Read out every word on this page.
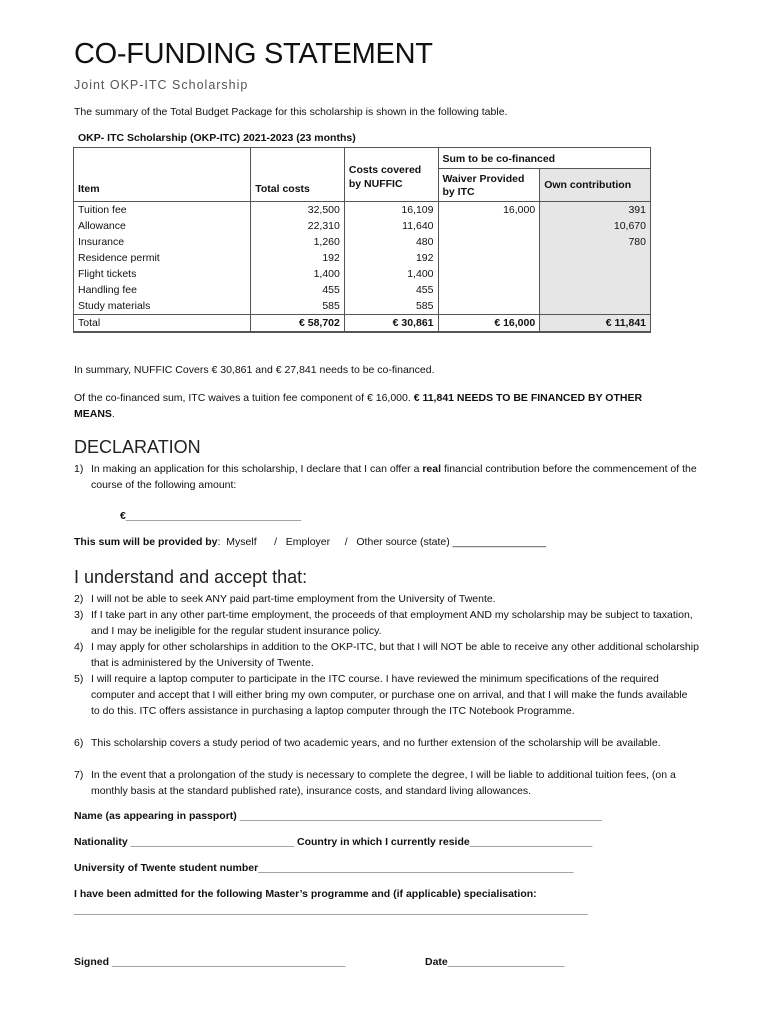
CO-FUNDING STATEMENT
Joint OKP-ITC Scholarship
The summary of the Total Budget Package for this scholarship is shown in the following table.
OKP- ITC Scholarship (OKP-ITC) 2021-2023 (23 months)
Item	Total costs	Costs covered by NUFFIC	Sum to be co-financed	
			Waiver Provided by ITC	Own contribution
Tuition fee	32,500	16,109	16,000	391
Allowance	22,310	11,640		10,670
Insurance	1,260	480		780
Residence permit	192	192		
Flight tickets	1,400	1,400		
Handling fee	455	455		
Study materials	585	585		
Total	€ 58,702	€ 30,861	€ 16,000	€ 11,841
In summary, NUFFIC Covers € 30,861 and € 27,841 needs to be co-financed.
Of the co-financed sum, ITC waives a tuition fee component of € 16,000. € 11,841 NEEDS TO BE FINANCED BY OTHER MEANS.
DECLARATION
1) In making an application for this scholarship, I declare that I can offer a real financial contribution before the commencement of the course of the following amount:
€______________________________
This sum will be provided by:  Myself      /   Employer     /   Other source (state) ________________
I understand and accept that:
2) I will not be able to seek ANY paid part-time employment from the University of Twente.
3) If I take part in any other part-time employment, the proceeds of that employment AND my scholarship may be subject to taxation, and I may be ineligible for the regular student insurance policy.
4) I may apply for other scholarships in addition to the OKP-ITC, but that I will NOT be able to receive any other additional scholarship that is administered by the University of Twente.
5) I will require a laptop computer to participate in the ITC course. I have reviewed the minimum specifications of the required computer and accept that I will either bring my own computer, or purchase one on arrival, and that I will make the funds available to do this. ITC offers assistance in purchasing a laptop computer through the ITC Notebook Programme.
6) This scholarship covers a study period of two academic years, and no further extension of the scholarship will be available.
7) In the event that a prolongation of the study is necessary to complete the degree, I will be liable to additional tuition fees, (on a monthly basis at the standard published rate), insurance costs, and standard living allowances.
Name (as appearing in passport) ______________________________________________________________
Nationality ____________________________ Country in which I currently reside_____________________
University of Twente student number______________________________________________________
I have been admitted for the following Master’s programme and (if applicable) specialisation:
________________________________________________________________________________________
Signed ________________________________________	Date____________________
